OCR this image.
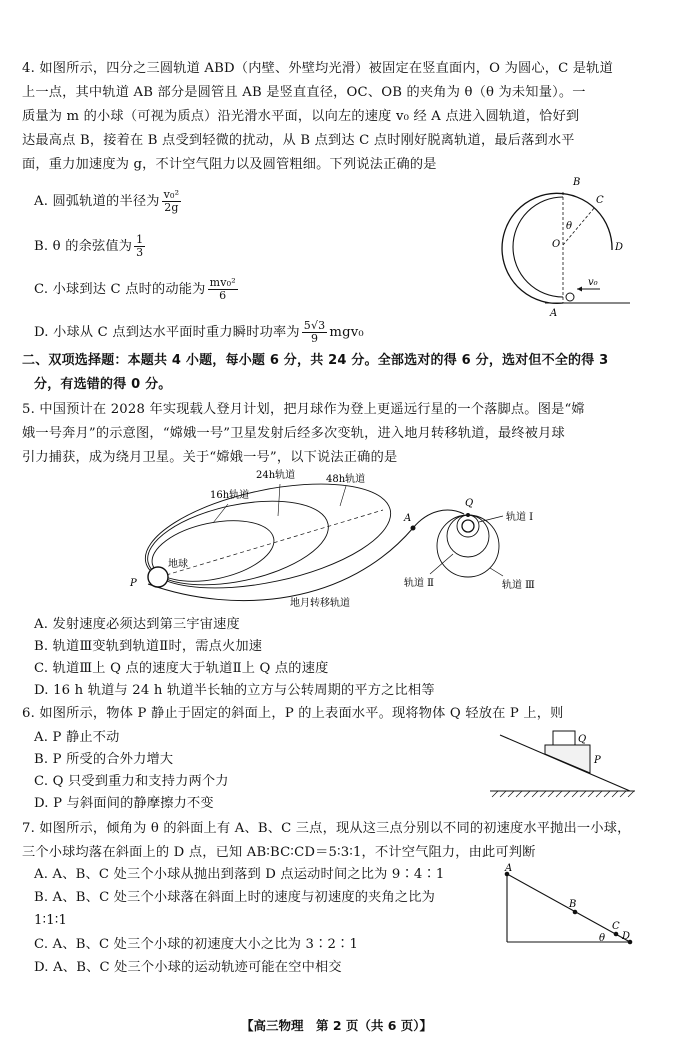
4. 如图所示，四分之三圆轨道 ABD（内壁、外壁均光滑）被固定在竖直面内，O 为圆心，C 是轨道
上一点，其中轨道 AB 部分是圆管且 AB 是竖直直径，OC、OB 的夹角为 θ（θ 为未知量）。一
质量为 m 的小球（可视为质点）沿光滑水平面，以向左的速度 v₀ 经 A 点进入圆轨道，恰好到
达最高点 B，接着在 B 点受到轻微的扰动，从 B 点到达 C 点时刚好脱离轨道，最后落到水平
面，重力加速度为 g，不计空气阻力以及圆管粗细。下列说法正确的是
A. 圆弧轨道的半径为 $\frac{\text{v₀²}}{2g}$
B. θ 的余弦值为 $\frac{1}{3}$
C. 小球到达 C 点时的动能为 $\frac{\text{mv₀²}}{6}$
D. 小球从 C 点到达水平面时重力瞬时功率为 $\frac{5√3}{9} mgv_0$
B
C
O
θ
D
A
v₀
二、双项选择题：本题共 4 小题，每小题 6 分，共 24 分。全部选对的得 6 分，选对但不全的得 3
分，有选错的得 0 分。
5. 中国预计在 2028 年实现载人登月计划，把月球作为登上更遥远行星的一个落脚点。图是“嫦
娥一号奔月”的示意图，“嫦娥一号”卫星发射后经多次变轨，进入地月转移轨道，最终被月球
引力捕获，成为绕月卫星。关于“嫦娥一号”，以下说法正确的是
24h轨道	48h轨道
16h轨道
地球
P
A
Q
轨道 Ⅰ
轨道 Ⅱ	轨道 Ⅲ
地月转移轨道
A. 发射速度必须达到第三宇宙速度
B. 轨道Ⅲ变轨到轨道Ⅱ时，需点火加速
C. 轨道Ⅲ上 Q 点的速度大于轨道Ⅱ上 Q 点的速度
D. 16 h 轨道与 24 h 轨道半长轴的立方与公转周期的平方之比相等
6. 如图所示，物体 P 静止于固定的斜面上，P 的上表面水平。现将物体 Q 轻放在 P 上，则
A. P 静止不动
B. P 所受的合外力增大
C. Q 只受到重力和支持力两个力
D. P 与斜面间的静摩擦力不变
Q
P
7. 如图所示，倾角为 θ 的斜面上有 A、B、C 三点，现从这三点分别以不同的初速度水平抛出一小球，
三个小球均落在斜面上的 D 点，已知 AB∶BC∶CD＝5∶3∶1，不计空气阻力，由此可判断
A. A、B、C 处三个小球从抛出到落到 D 点运动时间之比为 9∶4∶1
B. A、B、C 处三个小球落在斜面上时的速度与初速度的夹角之比为
1∶1∶1
C. A、B、C 处三个小球的初速度大小之比为 3∶2∶1
D. A、B、C 处三个小球的运动轨迹可能在空中相交
A
B
C
D
θ
【高三物理　第 2 页（共 6 页）】
